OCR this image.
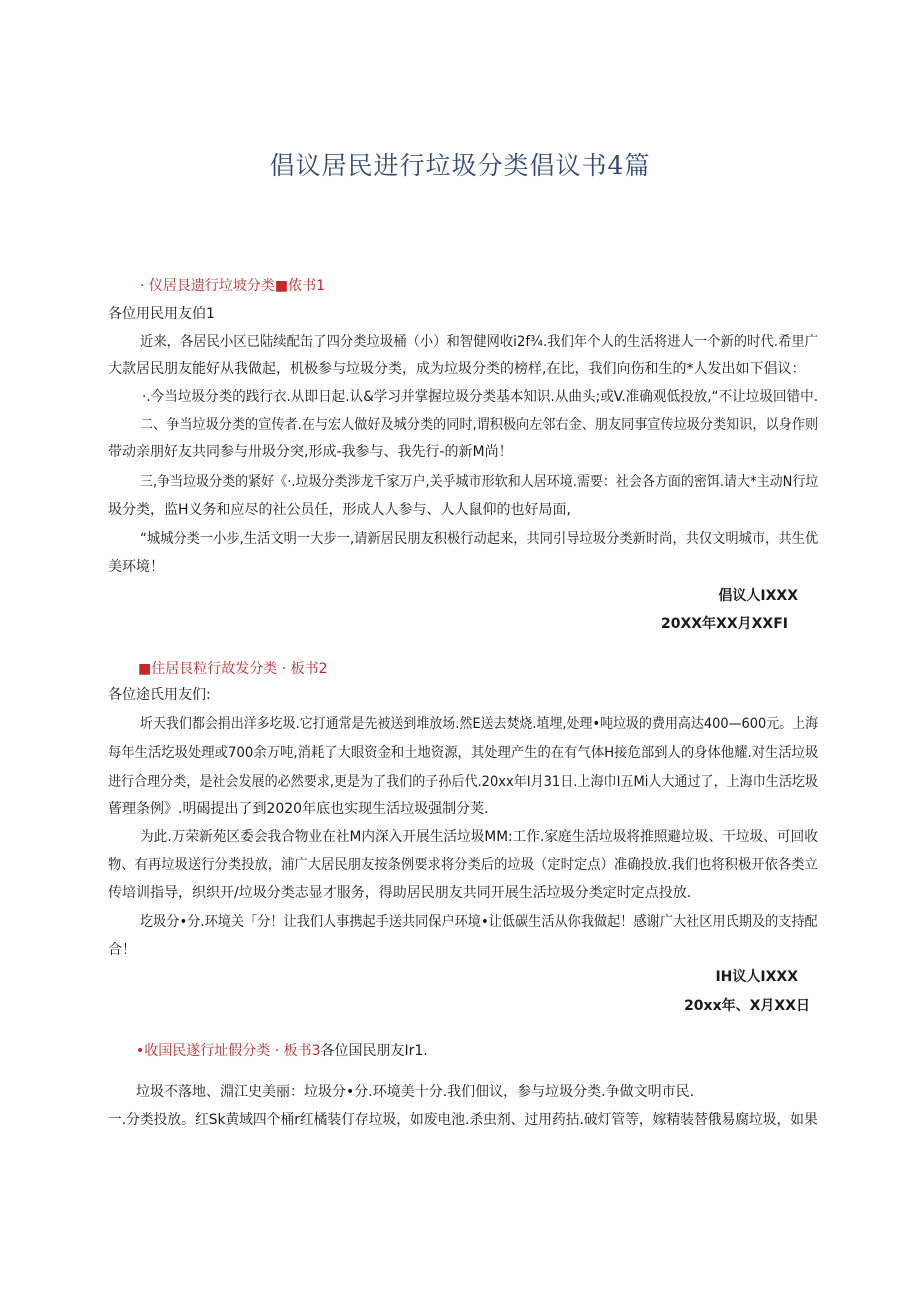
倡议居民进行垃圾分类倡议书4篇
· 仪居艮遗行垃坡分类■侬书1
各位用民用友伯1
近来，各居民小区已陆续配缶了四分类垃圾桶（小）和智健网收i2f¾.我们年个人的生活将进人一个新的时代.希里广
大款居民朋友能好从我做起，机极参与垃圾分类，成为垃圾分类的榜样,在比，我们向伤和生的*人发出如下倡议：
·.今当垃圾分类的践行衣.从即日起.认&学习并掌握垃圾分类基本知识.从曲头;或V.准确观低投放,“不让垃圾回错中.
二、争当垃圾分类的宣传者.在与宏人做好及城分类的同时,谓积极向左邻右金、朋友同事宣传垃圾分类知识，以身作则
带动亲朋好友共同参与卅圾分突,形成-我参与、我先行-的新M尚！
三,争当垃圾分类的紧好《·.垃圾分类涉龙千家万户,关乎城市形软和人居环境.需要：社会各方面的密饵.请大*主动N行垃
圾分类，监H义务和应尽的社公员任，形成人人参与、人人鼠仰的也好局面,
“城城分类一小步,生活文明一大步一,请新居民朋友积极行动起来，共同引导垃圾分类新时尚，共仅文明城市，共生优
美环境！
倡议人IXXX
20XX年XX月XXFI
■住居艮粒行故发分类 · 板书2
各位途氏用友们:
圻天我们都会捐出洋多圪圾.它打通常是先被送到堆放场.然E送去焚烧.埴埋,处理•吨垃圾的费用高达400—600元。上海
每年生活圪圾处理或700余万吨,消耗了大眼资金和土地资源，其处理产生的在有气体H接危部到人的身体他耀.对生活垃圾
进行合理分类，是社会发展的必然要求,更是为了我们的子孙后代.20xx年I月31日.上海巾I五Mi人大通过了，上海巾生活圪圾
蒈理条例》.明碣提出了到2020年底也实现生活垃圾强制分荚.
为此.万荣新苑区委会我合物业在社M内深入开展生活垃圾MM:工作.家庭生活垃圾将推照避垃圾、干垃圾、可回收
物、有再垃圾送行分类投放，浦广大居民朋友按条例要求将分类后的垃圾（定时定点）准确投放.我们也将积极开依各类立
传培训指导，织织开/垃圾分类志显才服务，得助居民朋友共同开展生活垃圾分类定时定点投放.
圪圾分•分.环境关「分！让我们人事携起手送共同保户环境•让低碳生活从你我做起！感谢广大社区用氏期及的支持配
合！
IH议人IXXX
20xx年、X月XX日
•收国民遂行址假分类 · 板书3各位国民朋友Ir1.
垃圾不落地、淵江史美丽：垃圾分•分.环境美十分.我们佃议，参与垃圾分类.争做文明市民.
一.分类投放。红Sk黄域四个桶r红橘装仃存垃圾，如废电池.杀虫剂、过用药拈.破灯管等，嫁精装替俄易腐垃圾，如果
